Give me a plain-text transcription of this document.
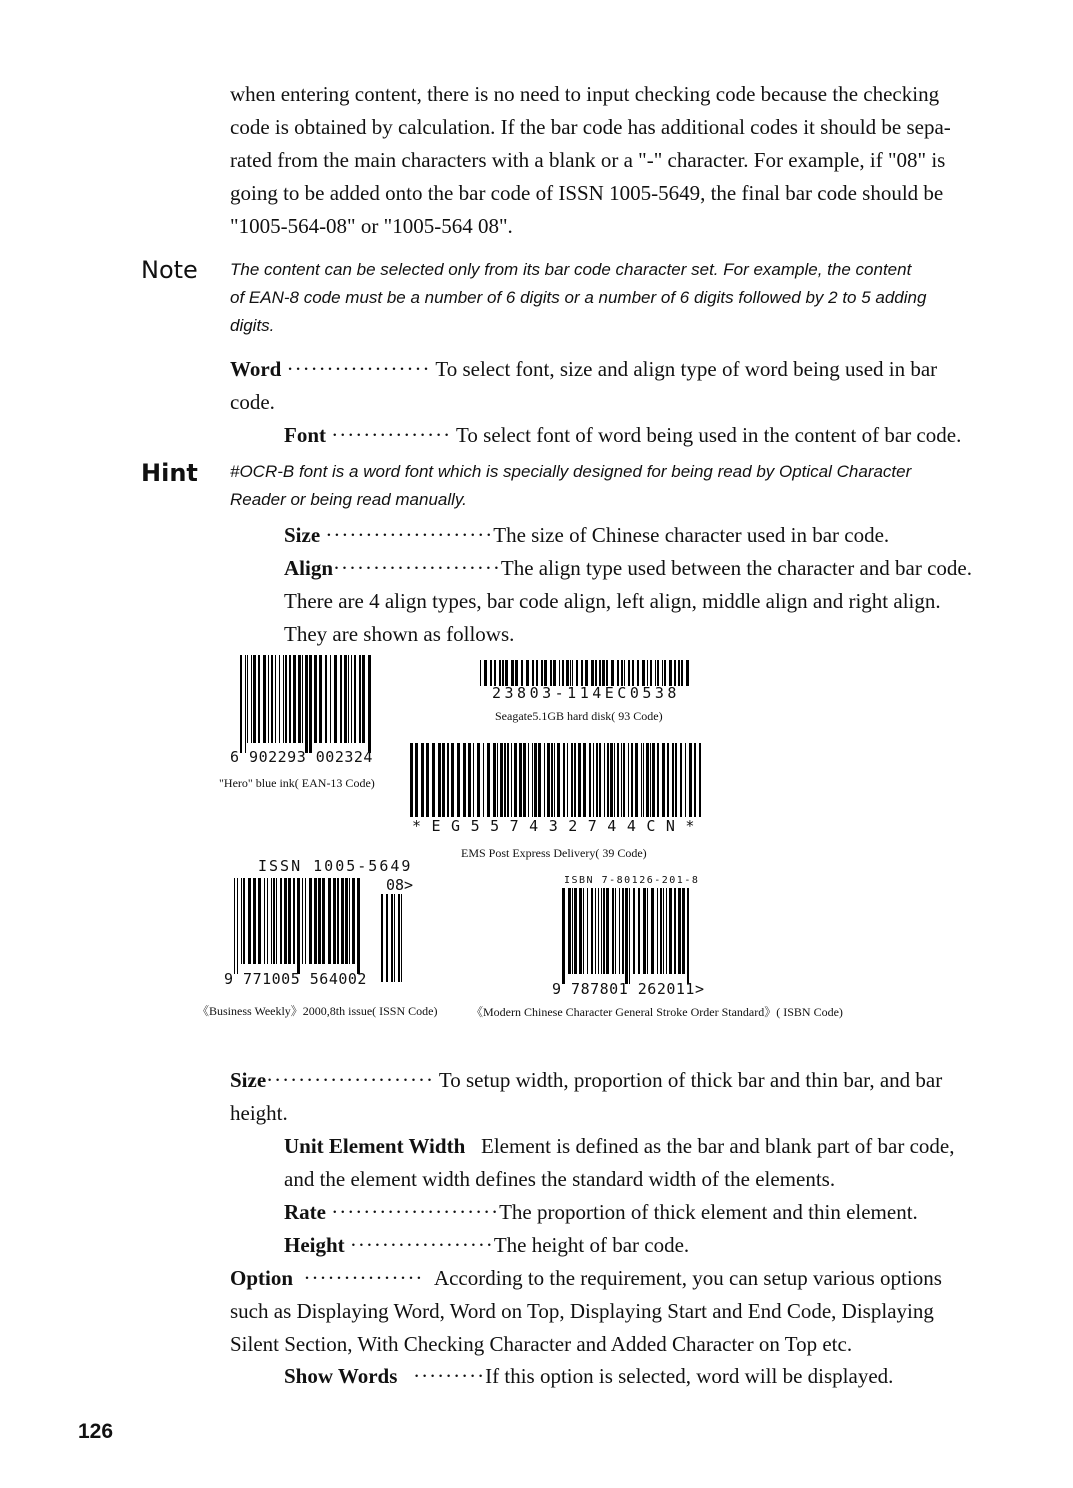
when entering content, there is no need to input checking code because the checking
code is obtained by calculation. If the bar code has additional codes it should be sepa-
rated from the main characters with a blank or a "-" character. For example, if "08" is
going to be added onto the bar code of ISSN 1005-5649, the final bar code should be
"1005-564-08" or "1005-564 08".
Note The content can be selected only from its bar code character set. For example, the content
of EAN-8 code must be a number of 6 digits or a number of 6 digits followed by 2 to 5 adding
digits.
Word ·················· To select font, size and align type of word being used in bar
code.
Font ··············· To select font of word being used in the content of bar code.
Hint #OCR-B font is a word font which is specially designed for being read by Optical Character
Reader or being read manually.
Size ·····················The size of Chinese character used in bar code.
Align·····················The align type used between the character and bar code.
There are 4 align types, bar code align, left align, middle align and right align.
They are shown as follows.
6 902293 002324
"Hero" blue ink( EAN-13 Code)
23803-114EC0538
Seagate5.1GB hard disk( 93 Code)
*EG557432744CN*
EMS Post Express Delivery( 39 Code)
ISSN 1005-5649
08>
9 771005 564002
《Business Weekly》2000,8th issue( ISSN Code)
ISBN 7-80126-201-8
9 787801 262011>
《Modern Chinese Character General Stroke Order Standard》( ISBN Code)
Size····················· To setup width, proportion of thick bar and thin bar, and bar
height.
Unit Element Width Element is defined as the bar and blank part of bar code,
and the element width defines the standard width of the elements.
Rate ·····················The proportion of thick element and thin element.
Height ··················The height of bar code.
Option ··············· According to the requirement, you can setup various options
such as Displaying Word, Word on Top, Displaying Start and End Code, Displaying
Silent Section, With Checking Character and Added Character on Top etc.
Show Words ·········If this option is selected, word will be displayed.
126
